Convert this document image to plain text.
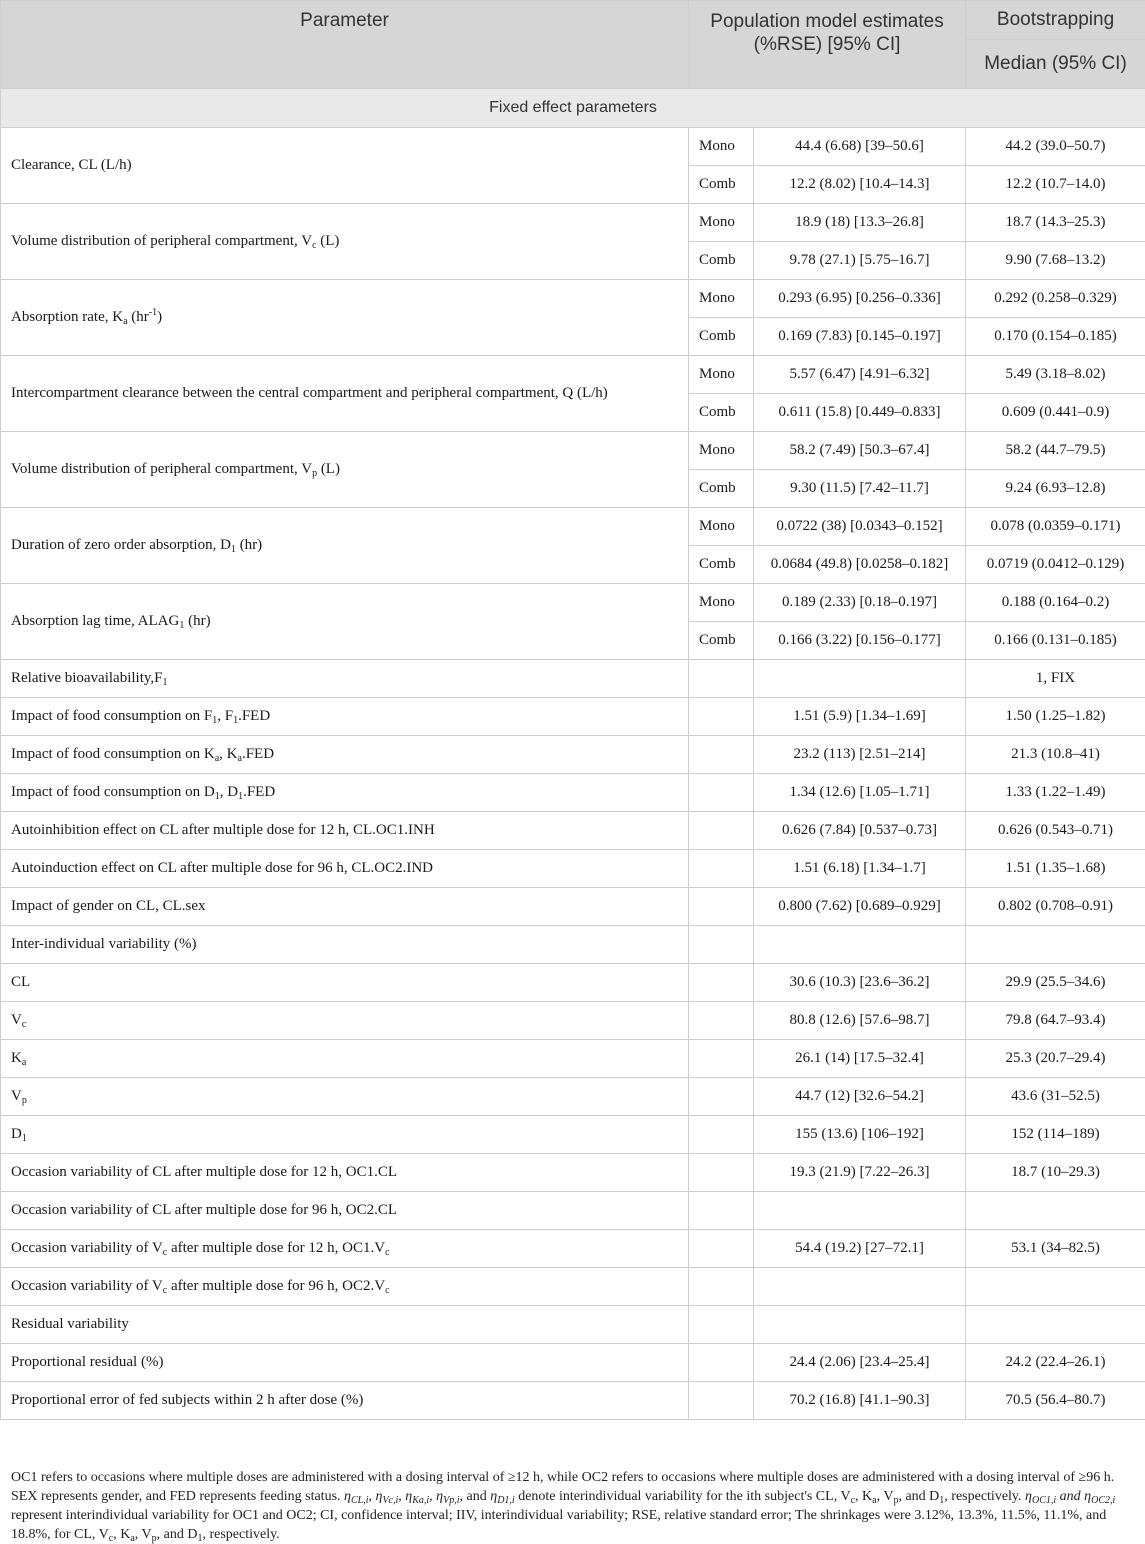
Parameter	Population model estimates (%RSE) [95% CI]		Bootstrapping
			Median (95% CI)
Fixed effect parameters			
Clearance, CL (L/h)	Mono	44.4 (6.68) [39–50.6]	44.2 (39.0–50.7)
	Comb	12.2 (8.02) [10.4–14.3]	12.2 (10.7–14.0)
Volume distribution of peripheral compartment, $V_c$ (L)	Mono	18.9 (18) [13.3–26.8]	18.7 (14.3–25.3)
	Comb	9.78 (27.1) [5.75–16.7]	9.90 (7.68–13.2)
Absorption rate, $K_a$ $(hr^{-1})$	Mono	0.293 (6.95) [0.256–0.336]	0.292 (0.258–0.329)
	Comb	0.169 (7.83) [0.145–0.197]	0.170 (0.154–0.185)
Intercompartment clearance between the central compartment and peripheral compartment, Q (L/h)	Mono	5.57 (6.47) [4.91–6.32]	5.49 (3.18–8.02)
	Comb	0.611 (15.8) [0.449–0.833]	0.609 (0.441–0.9)
Volume distribution of peripheral compartment, $V_p$ (L)	Mono	58.2 (7.49) [50.3–67.4]	58.2 (44.7–79.5)
	Comb	9.30 (11.5) [7.42–11.7]	9.24 (6.93–12.8)
Duration of zero order absorption, $D_1$ (hr)	Mono	0.0722 (38) [0.0343–0.152]	0.078 (0.0359–0.171)
	Comb	0.0684 (49.8) [0.0258–0.182]	0.0719 (0.0412–0.129)
Absorption lag time, $ALAG_1$ (hr)	Mono	0.189 (2.33) [0.18–0.197]	0.188 (0.164–0.2)
	Comb	0.166 (3.22) [0.156–0.177]	0.166 (0.131–0.185)
Relative $bioavailability,F_1$			1, FIX
Impact of food consumption on $F_1$, $F_1.FED$		1.51 (5.9) [1.34–1.69]	1.50 (1.25–1.82)
Impact of food consumption on $K_a$, $K_a.FED$		23.2 (113) [2.51–214]	21.3 (10.8–41)
Impact of food consumption on $D_1$, $D_1.FED$		1.34 (12.6) [1.05–1.71]	1.33 (1.22–1.49)
Autoinhibition effect on CL after multiple dose for 12 h, CL.OC1.INH		0.626 (7.84) [0.537–0.73]	0.626 (0.543–0.71)
Autoinduction effect on CL after multiple dose for 96 h, CL.OC2.IND		1.51 (6.18) [1.34–1.7]	1.51 (1.35–1.68)
Impact of gender on CL, CL.sex		0.800 (7.62) [0.689–0.929]	0.802 (0.708–0.91)
Inter-individual variability (%)			
CL		30.6 (10.3) [23.6–36.2]	29.9 (25.5–34.6)
$V_c$		80.8 (12.6) [57.6–98.7]	79.8 (64.7–93.4)
$K_a$		26.1 (14) [17.5–32.4]	25.3 (20.7–29.4)
$V_p$		44.7 (12) [32.6–54.2]	43.6 (31–52.5)
$D_1$		155 (13.6) [106–192]	152 (114–189)
Occasion variability of CL after multiple dose for 12 h, OC1.CL		19.3 (21.9) [7.22–26.3]	18.7 (10–29.3)
Occasion variability of CL after multiple dose for 96 h, OC2.CL			
Occasion variability of $V_c$ after multiple dose for 12 h, $OC1.V_c$		54.4 (19.2) [27–72.1]	53.1 (34–82.5)
Occasion variability of $V_c$ after multiple dose for 96 h, $OC2.V_c$			
Residual variability			
Proportional residual (%)		24.4 (2.06) [23.4–25.4]	24.2 (22.4–26.1)
Proportional error of fed subjects within 2 h after dose (%)		70.2 (16.8) [41.1–90.3]	70.5 (56.4–80.7)

OC1 refers to occasions where multiple doses are administered with a dosing interval of ≥12 h, while OC2 refers to occasions where multiple doses are administered with a dosing interval of ≥96 h. SEX represents gender, and FED represents feeding status. $\eta_{CL,i}$, $\eta_{Vc,i}$, $\eta_{Ka,i}$, $\eta_{Vp,i}$, and $\eta_{D1,i}$ denote interindividual variability for the ith subject's CL, $V_c$, $K_a$, $V_p$, and $D_1$, respectively. $\eta_{OC1,i}$ and $\eta_{OC2,i}$ represent interindividual variability for OC1 and OC2; CI, confidence interval; IIV, interindividual variability; RSE, relative standard error; The shrinkages were 3.12%, 13.3%, 11.5%, 11.1%, and 18.8%, for CL, $V_c$, $K_a$, $V_p$, and $D_1$, respectively.
